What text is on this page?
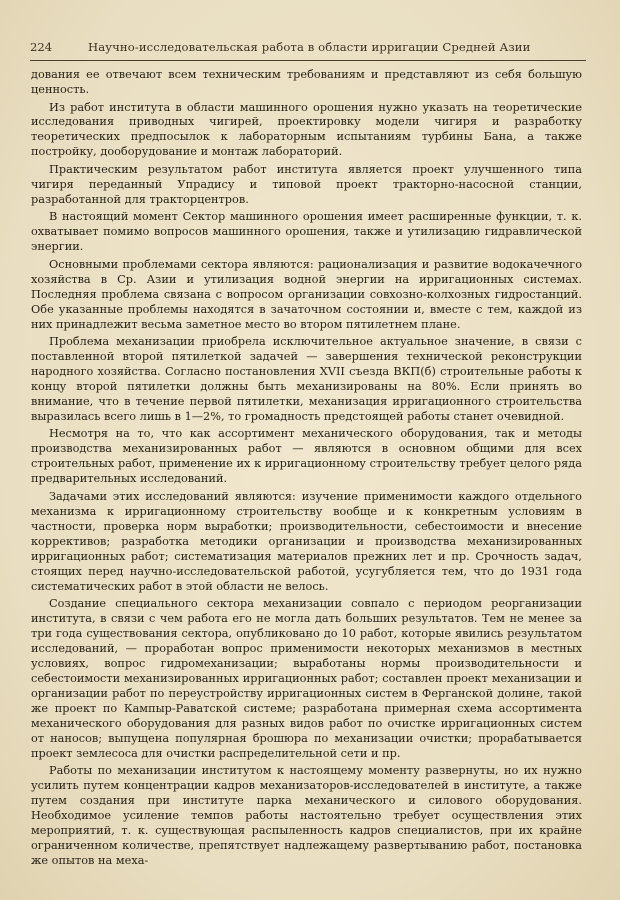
224	Научно-исследовательская работа в области ирригации Средней Азии

дования ее отвечают всем техническим требованиям и представляют из себя большую ценность.

Из работ института в области машинного орошения нужно указать на теоретические исследования приводных чигирей, проектировку модели чигиря и разработку теоретических предпосылок к лабораторным испытаниям турбины Бана, а также постройку, дооборудование и монтаж лабораторий.

Практическим результатом работ института является проект улучшенного типа чигиря переданный Упрадису и типовой проект тракторно-насосной станции, разработанной для тракторцентров.

В настоящий момент Сектор машинного орошения имеет расширенные функции, т. к. охватывает помимо вопросов машинного орошения, также и утилизацию гидравлической энергии.

Основными проблемами сектора являются: рационализация и развитие водокачечного хозяйства в Ср. Азии и утилизация водной энергии на ирригационных системах. Последняя проблема связана с вопросом организации совхозно-колхозных гидростанций. Обе указанные проблемы находятся в зачаточном состоянии и, вместе с тем, каждой из них принадлежит весьма заметное место во втором пятилетнем плане.

Проблема механизации приобрела исключительное актуальное значение, в связи с поставленной второй пятилеткой задачей — завершения технической реконструкции народного хозяйства. Согласно постановления XVII съезда ВКП(б) строительные работы к концу второй пятилетки должны быть механизированы на 80%. Если принять во внимание, что в течение первой пятилетки, механизация ирригационного строительства выразилась всего лишь в 1—2%, то громадность предстоящей работы станет очевидной.

Несмотря на то, что как ассортимент механического оборудования, так и методы производства механизированных работ — являются в основном общими для всех строительных работ, применение их к ирригационному строительству требует целого ряда предварительных исследований.

Задачами этих исследований являются: изучение применимости каждого отдельного механизма к ирригационному строительству вообще и к конкретным условиям в частности, проверка норм выработки; производительности, себестоимости и внесение коррективов; разработка методики организации и производства механизированных ирригационных работ; систематизация материалов прежних лет и пр. Срочность задач, стоящих перед научно-исследовательской работой, усугубляется тем, что до 1931 года систематических работ в этой области не велось.

Создание специального сектора механизации совпало с периодом реорганизации института, в связи с чем работа его не могла дать больших результатов. Тем не менее за три года существования сектора, опубликовано до 10 работ, которые явились результатом исследований, — проработан вопрос применимости некоторых механизмов в местных условиях, вопрос гидромеханизации; выработаны нормы производительности и себестоимости механизированных ирригационных работ; составлен проект механизации и организации работ по переустройству ирригационных систем в Ферганской долине, такой же проект по Кампыр-Раватской системе; разработана примерная схема ассортимента механического оборудования для разных видов работ по очистке ирригационных систем от наносов; выпущена популярная брошюра по механизации очистки; прорабатывается проект землесоса для очистки распределительной сети и пр.

Работы по механизации институтом к настоящему моменту развернуты, но их нужно усилить путем концентрации кадров механизаторов-исследователей в институте, а также путем создания при институте парка механического и силового оборудования. Необходимое усиление темпов работы настоятельно требует осуществления этих мероприятий, т. к. существующая распыленность кадров специалистов, при их крайне ограниченном количестве, препятствует надлежащему развертыванию работ, постановка же опытов на меха-
